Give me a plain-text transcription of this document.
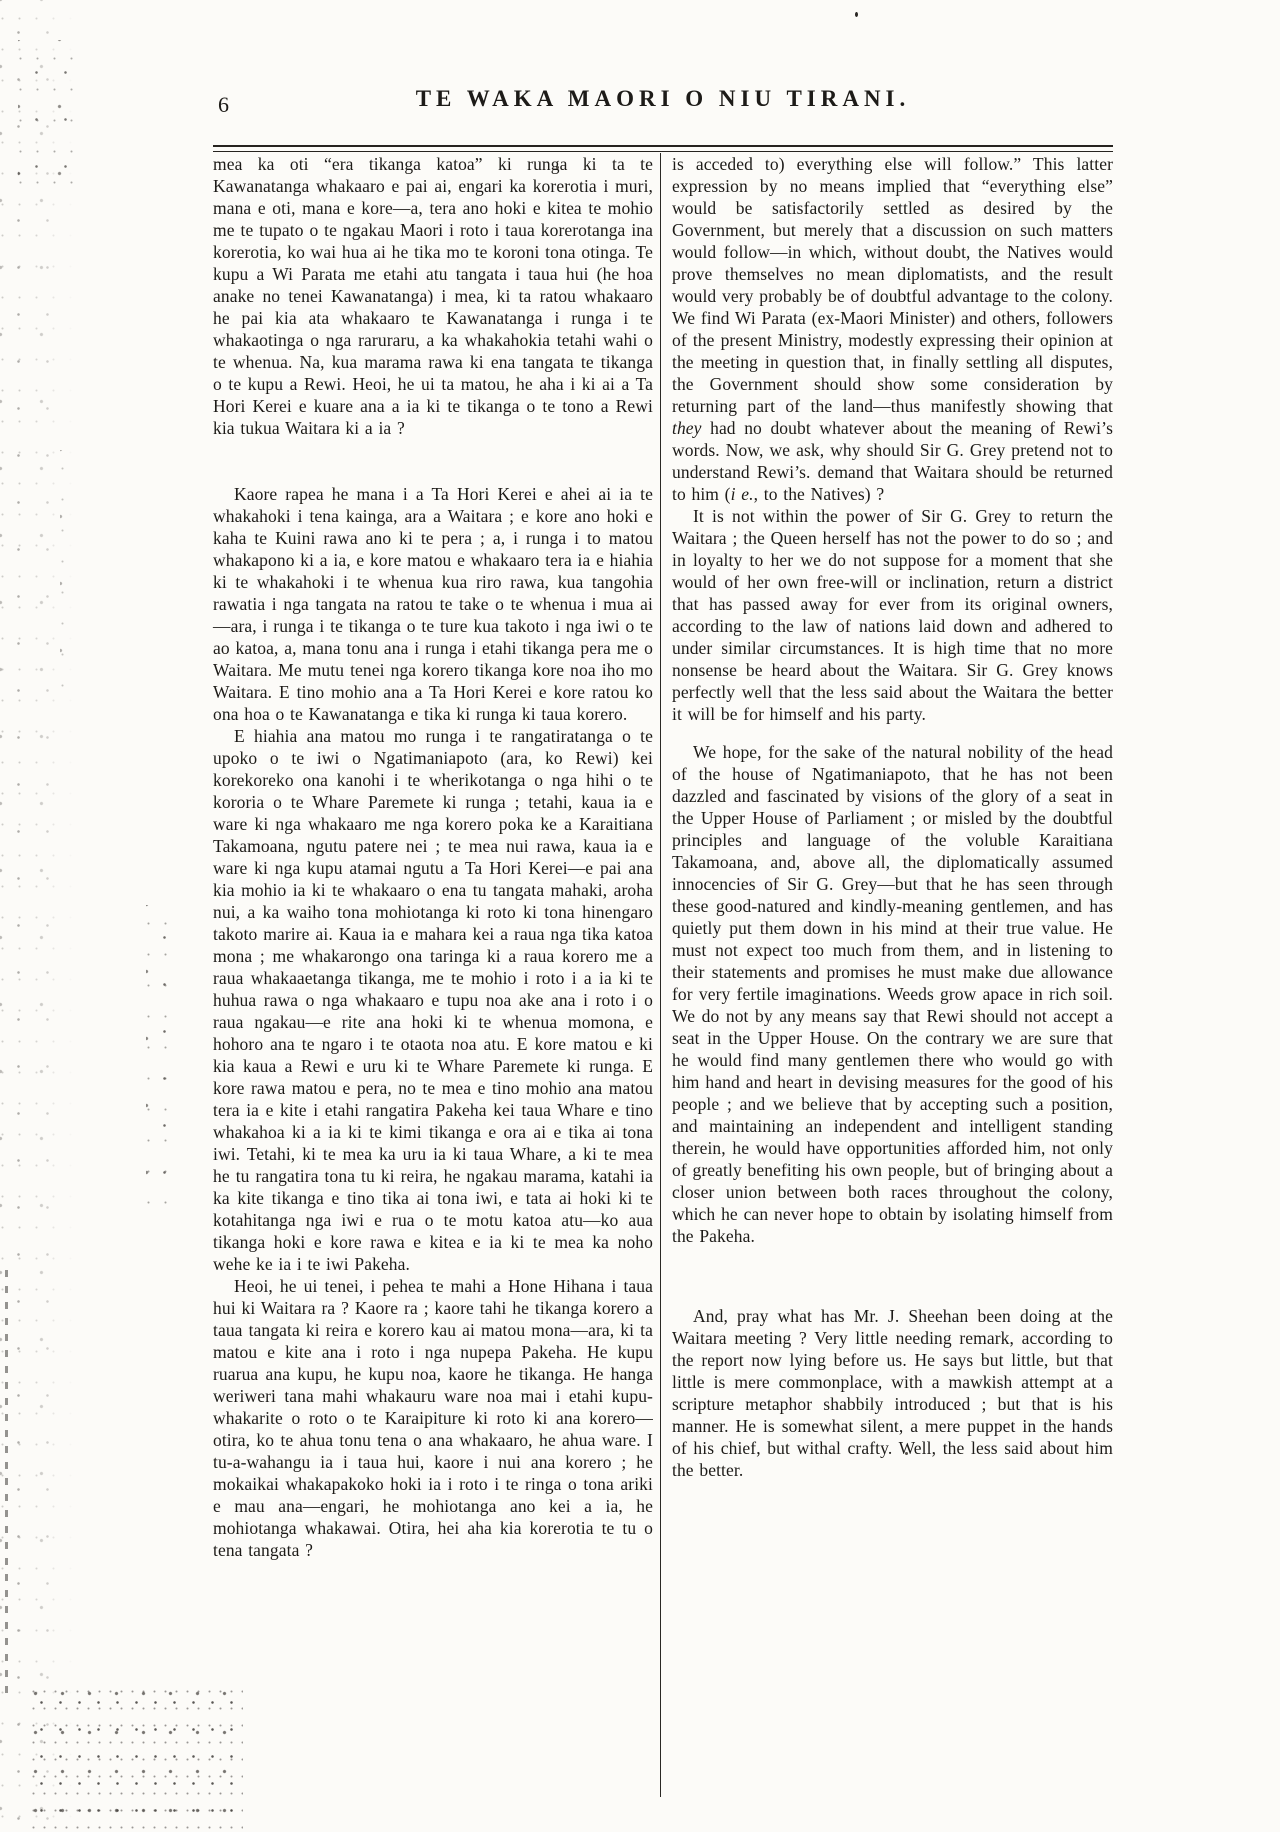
6	TE WAKA MAORI O NIU TIRANI.

mea ka oti “era tikanga katoa” ki runga ki ta te Kawanatanga whakaaro e pai ai, engari ka korerotia i muri, mana e oti, mana e kore—a, tera ano hoki e kitea te mohio me te tupato o te ngakau Maori i roto i taua korerotanga ina korerotia, ko wai hua ai he tika mo te koroni tona otinga. Te kupu a Wi Parata me etahi atu tangata i taua hui (he hoa anake no tenei Kawanatanga) i mea, ki ta ratou whakaaro he pai kia ata whakaaro te Kawanatanga i runga i te whakaotinga o nga raruraru, a ka whakahokia tetahi wahi o te whenua. Na, kua marama rawa ki ena tangata te tikanga o te kupu a Rewi. Heoi, he ui ta matou, he aha i ki ai a Ta Hori Kerei e kuare ana a ia ki te tikanga o te tono a Rewi kia tukua Waitara ki a ia ?

Kaore rapea he mana i a Ta Hori Kerei e ahei ai ia te whakahoki i tena kainga, ara a Waitara ; e kore ano hoki e kaha te Kuini rawa ano ki te pera ; a, i runga i to matou whakapono ki a ia, e kore matou e whakaaro tera ia e hiahia ki te whakahoki i te whenua kua riro rawa, kua tangohia rawatia i nga tangata na ratou te take o te whenua i mua ai—ara, i runga i te tikanga o te ture kua takoto i nga iwi o te ao katoa, a, mana tonu ana i runga i etahi tikanga pera me o Waitara. Me mutu tenei nga korero tikanga kore noa iho mo Waitara. E tino mohio ana a Ta Hori Kerei e kore ratou ko ona hoa o te Kawanatanga e tika ki runga ki taua korero.

E hiahia ana matou mo runga i te rangatiratanga o te upoko o te iwi o Ngatimaniapoto (ara, ko Rewi) kei korekoreko ona kanohi i te wherikotanga o nga hihi o te kororia o te Whare Paremete ki runga ; tetahi, kaua ia e ware ki nga whakaaro me nga korero poka ke a Karaitiana Takamoana, ngutu patere nei ; te mea nui rawa, kaua ia e ware ki nga kupu atamai ngutu a Ta Hori Kerei—e pai ana kia mohio ia ki te whakaaro o ena tu tangata mahaki, aroha nui, a ka waiho tona mohiotanga ki roto ki tona hinengaro takoto marire ai. Kaua ia e mahara kei a raua nga tika katoa mona ; me whakarongo ona taringa ki a raua korero me a raua whakaaetanga tikanga, me te mohio i roto i a ia ki te huhua rawa o nga whakaaro e tupu noa ake ana i roto i o raua ngakau—e rite ana hoki ki te whenua momona, e hohoro ana te ngaro i te otaota noa atu. E kore matou e ki kia kaua a Rewi e uru ki te Whare Paremete ki runga. E kore rawa matou e pera, no te mea e tino mohio ana matou tera ia e kite i etahi rangatira Pakeha kei taua Whare e tino whakahoa ki a ia ki te kimi tikanga e ora ai e tika ai tona iwi. Tetahi, ki te mea ka uru ia ki taua Whare, a ki te mea he tu rangatira tona tu ki reira, he ngakau marama, katahi ia ka kite tikanga e tino tika ai tona iwi, e tata ai hoki ki te kotahitanga nga iwi e rua o te motu katoa atu—ko aua tikanga hoki e kore rawa e kitea e ia ki te mea ka noho wehe ke ia i te iwi Pakeha.

Heoi, he ui tenei, i pehea te mahi a Hone Hihana i taua hui ki Waitara ra ? Kaore ra ; kaore tahi he tikanga korero a taua tangata ki reira e korero kau ai matou mona—ara, ki ta matou e kite ana i roto i nga nupepa Pakeha. He kupu ruarua ana kupu, he kupu noa, kaore he tikanga. He hanga weriweri tana mahi whakauru ware noa mai i etahi kupu-whakarite o roto o te Karaipiture ki roto ki ana korero—otira, ko te ahua tonu tena o ana whakaaro, he ahua ware. I tu-a-wahangu ia i taua hui, kaore i nui ana korero ; he mokaikai whakapakoko hoki ia i roto i te ringa o tona ariki e mau ana—engari, he mohiotanga ano kei a ia, he mohiotanga whakawai. Otira, hei aha kia korerotia te tu o tena tangata ?

is acceded to) everything else will follow.” This latter expression by no means implied that “everything else” would be satisfactorily settled as desired by the Government, but merely that a discussion on such matters would follow—in which, without doubt, the Natives would prove themselves no mean diplomatists, and the result would very probably be of doubtful advantage to the colony. We find Wi Parata (ex-Maori Minister) and others, followers of the present Ministry, modestly expressing their opinion at the meeting in question that, in finally settling all disputes, the Government should show some consideration by returning part of the land—thus manifestly showing that they had no doubt whatever about the meaning of Rewi’s words. Now, we ask, why should Sir G. Grey pretend not to understand Rewi’s. demand that Waitara should be returned to him (i e., to the Natives) ?

It is not within the power of Sir G. Grey to return the Waitara ; the Queen herself has not the power to do so ; and in loyalty to her we do not suppose for a moment that she would of her own free-will or inclination, return a district that has passed away for ever from its original owners, according to the law of nations laid down and adhered to under similar circumstances. It is high time that no more nonsense be heard about the Waitara. Sir G. Grey knows perfectly well that the less said about the Waitara the better it will be for himself and his party.

We hope, for the sake of the natural nobility of the head of the house of Ngatimaniapoto, that he has not been dazzled and fascinated by visions of the glory of a seat in the Upper House of Parliament ; or misled by the doubtful principles and language of the voluble Karaitiana Takamoana, and, above all, the diplomatically assumed innocencies of Sir G. Grey—but that he has seen through these good-natured and kindly-meaning gentlemen, and has quietly put them down in his mind at their true value. He must not expect too much from them, and in listening to their statements and promises he must make due allowance for very fertile imaginations. Weeds grow apace in rich soil. We do not by any means say that Rewi should not accept a seat in the Upper House. On the contrary we are sure that he would find many gentlemen there who would go with him hand and heart in devising measures for the good of his people ; and we believe that by accepting such a position, and maintaining an independent and intelligent standing therein, he would have opportunities afforded him, not only of greatly benefiting his own people, but of bringing about a closer union between both races throughout the colony, which he can never hope to obtain by isolating himself from the Pakeha.

And, pray what has Mr. J. Sheehan been doing at the Waitara meeting ? Very little needing remark, according to the report now lying before us. He says but little, but that little is mere commonplace, with a mawkish attempt at a scripture metaphor shabbily introduced ; but that is his manner. He is somewhat silent, a mere puppet in the hands of his chief, but withal crafty. Well, the less said about him the better.
